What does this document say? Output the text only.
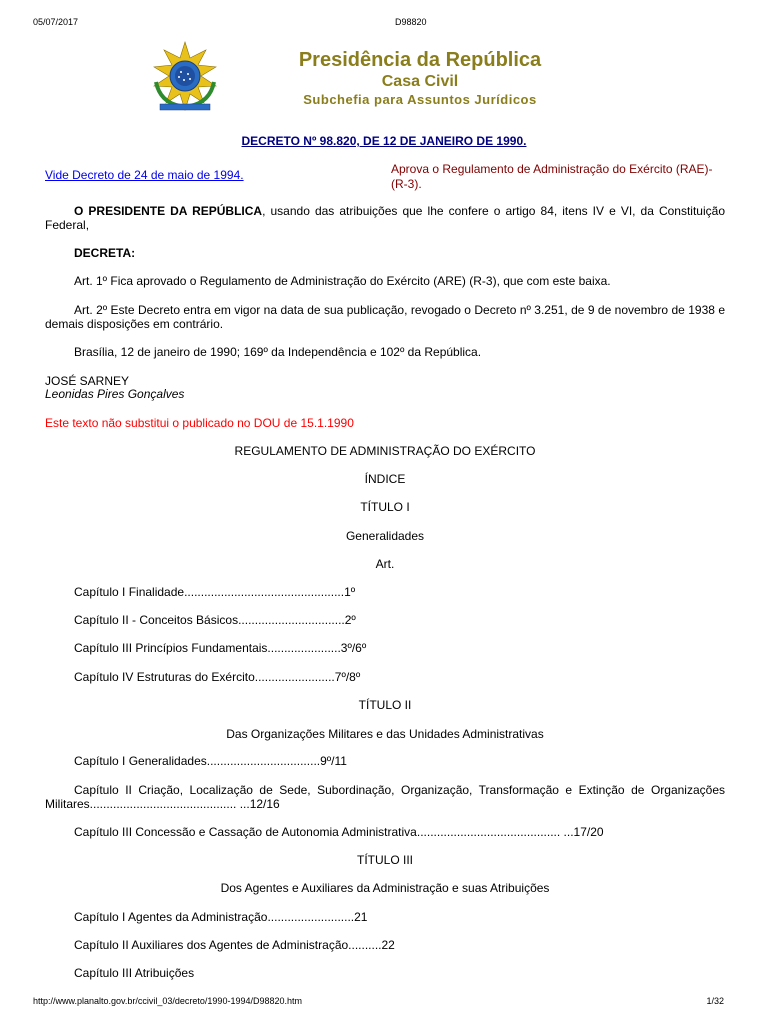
05/07/2017	D98820
Presidência da República
Casa Civil
Subchefia para Assuntos Jurídicos
DECRETO Nº 98.820, DE 12 DE JANEIRO DE 1990.
Vide Decreto de 24 de maio de 1994.	Aprova o Regulamento de Administração do Exército (RAE)-(R-3).
O PRESIDENTE DA REPÚBLICA, usando das atribuições que lhe confere o artigo 84, itens IV e VI, da Constituição Federal,
DECRETA:
Art. 1º Fica aprovado o Regulamento de Administração do Exército (ARE) (R-3), que com este baixa.
Art. 2º Este Decreto entra em vigor na data de sua publicação, revogado o Decreto nº 3.251, de 9 de novembro de 1938 e demais disposições em contrário.
Brasília, 12 de janeiro de 1990; 169º da Independência e 102º da República.
JOSÉ SARNEY
Leonidas Pires Gonçalves
Este texto não substitui o publicado no DOU de 15.1.1990
REGULAMENTO DE ADMINISTRAÇÃO DO EXÉRCITO
ÍNDICE
TÍTULO I
Generalidades
Art.
Capítulo I Finalidade................................................1º
Capítulo II - Conceitos Básicos................................2º
Capítulo III Princípios Fundamentais......................3º/6º
Capítulo IV Estruturas do Exército........................7º/8º
TÍTULO II
Das Organizações Militares e das Unidades Administrativas
Capítulo I Generalidades..................................9º/11
Capítulo II Criação, Localização de Sede, Subordinação, Organização, Transformação e Extinção de Organizações Militares............................................ ...12/16
Capítulo III Concessão e Cassação de Autonomia Administrativa........................................... ...17/20
TÍTULO III
Dos Agentes e Auxiliares da Administração e suas Atribuições
Capítulo I Agentes da Administração..........................21
Capítulo II Auxiliares dos Agentes de Administração..........22
Capítulo III Atribuições
http://www.planalto.gov.br/ccivil_03/decreto/1990-1994/D98820.htm	1/32
